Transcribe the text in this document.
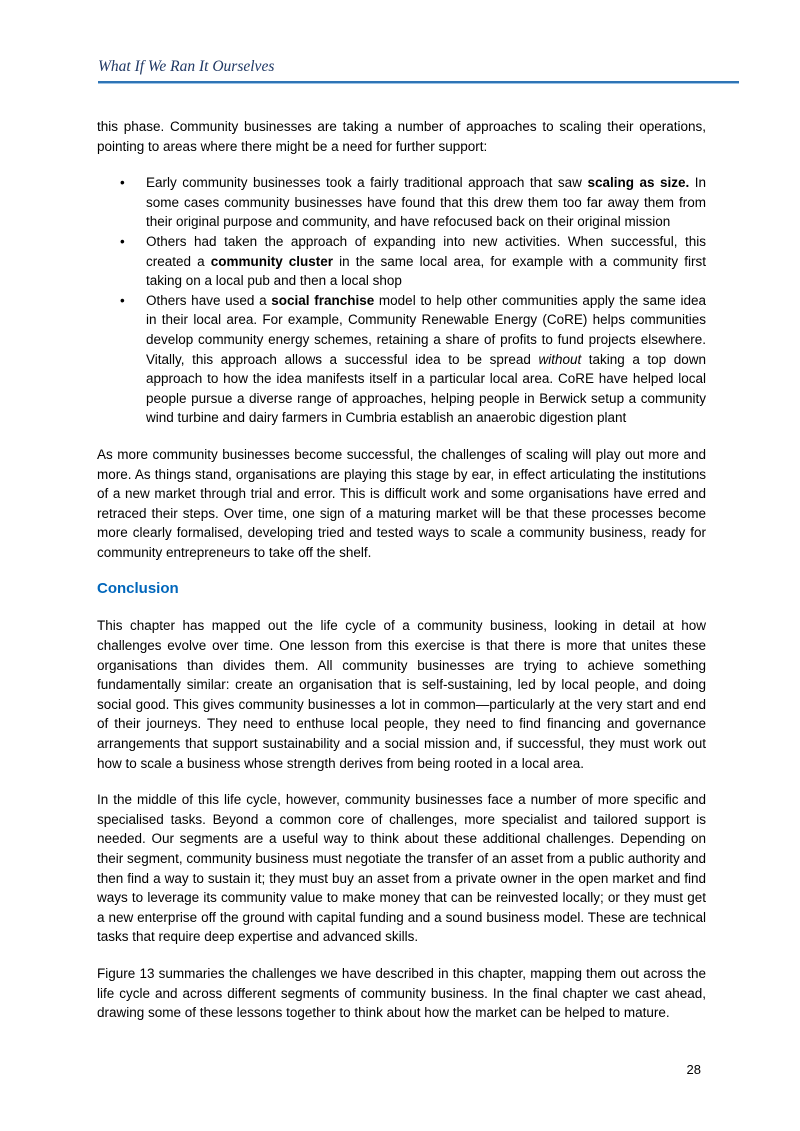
What If We Ran It Ourselves

this phase. Community businesses are taking a number of approaches to scaling their operations, pointing to areas where there might be a need for further support:

• Early community businesses took a fairly traditional approach that saw scaling as size. In some cases community businesses have found that this drew them too far away them from their original purpose and community, and have refocused back on their original mission
• Others had taken the approach of expanding into new activities. When successful, this created a community cluster in the same local area, for example with a community first taking on a local pub and then a local shop
• Others have used a social franchise model to help other communities apply the same idea in their local area. For example, Community Renewable Energy (CoRE) helps communities develop community energy schemes, retaining a share of profits to fund projects elsewhere. Vitally, this approach allows a successful idea to be spread without taking a top down approach to how the idea manifests itself in a particular local area. CoRE have helped local people pursue a diverse range of approaches, helping people in Berwick setup a community wind turbine and dairy farmers in Cumbria establish an anaerobic digestion plant

As more community businesses become successful, the challenges of scaling will play out more and more. As things stand, organisations are playing this stage by ear, in effect articulating the institutions of a new market through trial and error. This is difficult work and some organisations have erred and retraced their steps. Over time, one sign of a maturing market will be that these processes become more clearly formalised, developing tried and tested ways to scale a community business, ready for community entrepreneurs to take off the shelf.

Conclusion

This chapter has mapped out the life cycle of a community business, looking in detail at how challenges evolve over time. One lesson from this exercise is that there is more that unites these organisations than divides them. All community businesses are trying to achieve something fundamentally similar: create an organisation that is self-sustaining, led by local people, and doing social good. This gives community businesses a lot in common—particularly at the very start and end of their journeys. They need to enthuse local people, they need to find financing and governance arrangements that support sustainability and a social mission and, if successful, they must work out how to scale a business whose strength derives from being rooted in a local area.

In the middle of this life cycle, however, community businesses face a number of more specific and specialised tasks. Beyond a common core of challenges, more specialist and tailored support is needed. Our segments are a useful way to think about these additional challenges. Depending on their segment, community business must negotiate the transfer of an asset from a public authority and then find a way to sustain it; they must buy an asset from a private owner in the open market and find ways to leverage its community value to make money that can be reinvested locally; or they must get a new enterprise off the ground with capital funding and a sound business model. These are technical tasks that require deep expertise and advanced skills.

Figure 13 summaries the challenges we have described in this chapter, mapping them out across the life cycle and across different segments of community business. In the final chapter we cast ahead, drawing some of these lessons together to think about how the market can be helped to mature.

28
